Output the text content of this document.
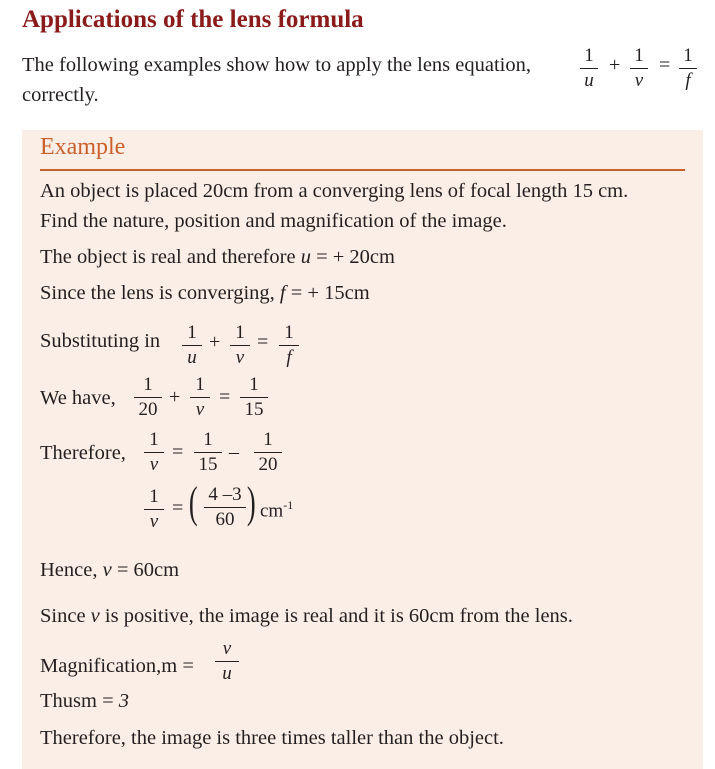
Applications of the lens formula
The following examples show how to apply the lens equation,
correctly.
1
u
+ 1
v
= 1
f
Example
An object is placed 20cm from a converging lens of focal length 15 cm.
Find the nature, position and magnification of the image.
The object is real and therefore u = + 20cm
Since the lens is converging, f = + 15cm
Substituting in 1
u
+ 1
v
= 1
f
We have,
1
20
+
1
v
=
1
15
Therefore,
1
v
=
1
15
–
1
20
1
v
= ( 4 –3
60 ) $cm^{-1}$
Hence, v = 60cm
Since v is positive, the image is real and it is 60cm from the lens.
Magnification,m =
v
u
Thusm = 3
Therefore, the image is three times taller than the object.
